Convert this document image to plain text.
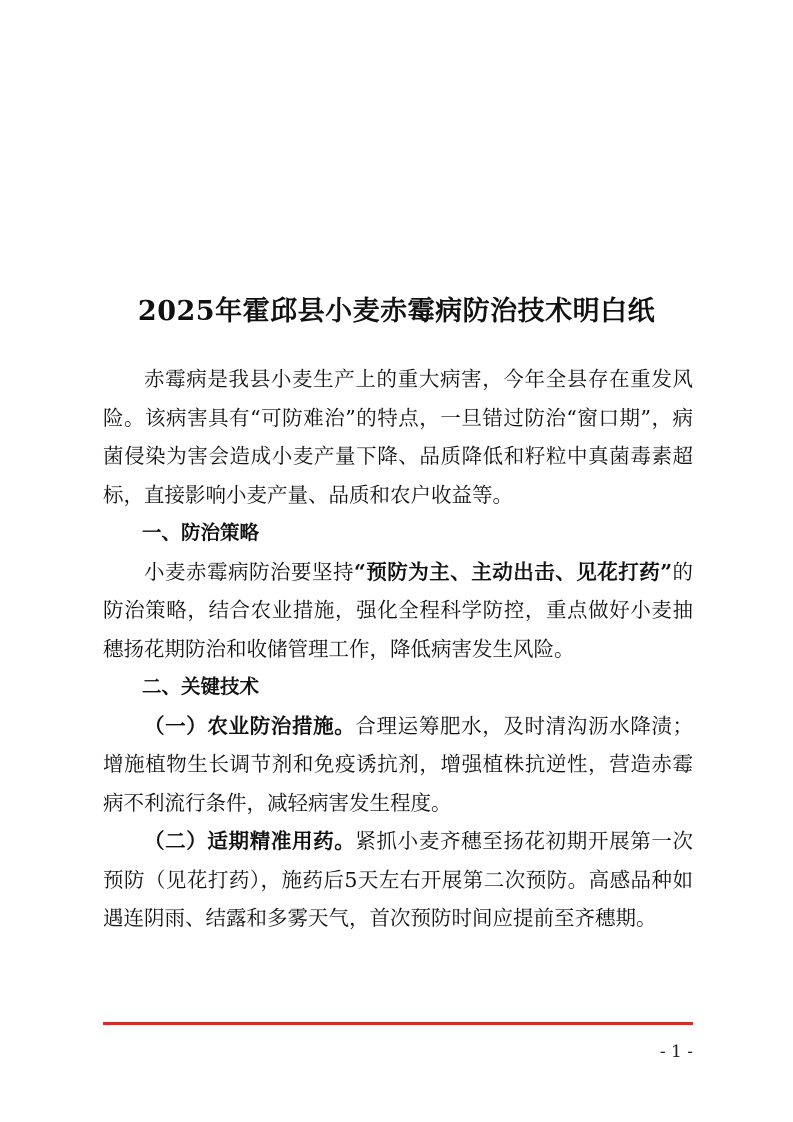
2025年霍邱县小麦赤霉病防治技术明白纸

赤霉病是我县小麦生产上的重大病害，今年全县存在重发风险。该病害具有“可防难治”的特点，一旦错过防治“窗口期”，病菌侵染为害会造成小麦产量下降、品质降低和籽粒中真菌毒素超标，直接影响小麦产量、品质和农户收益等。

一、防治策略

小麦赤霉病防治要坚持“预防为主、主动出击、见花打药”的防治策略，结合农业措施，强化全程科学防控，重点做好小麦抽穗扬花期防治和收储管理工作，降低病害发生风险。

二、关键技术

（一）农业防治措施。合理运筹肥水，及时清沟沥水降渍；增施植物生长调节剂和免疫诱抗剂，增强植株抗逆性，营造赤霉病不利流行条件，减轻病害发生程度。

（二）适期精准用药。紧抓小麦齐穗至扬花初期开展第一次预防（见花打药），施药后5天左右开展第二次预防。高感品种如遇连阴雨、结露和多雾天气，首次预防时间应提前至齐穗期。

- 1 -
